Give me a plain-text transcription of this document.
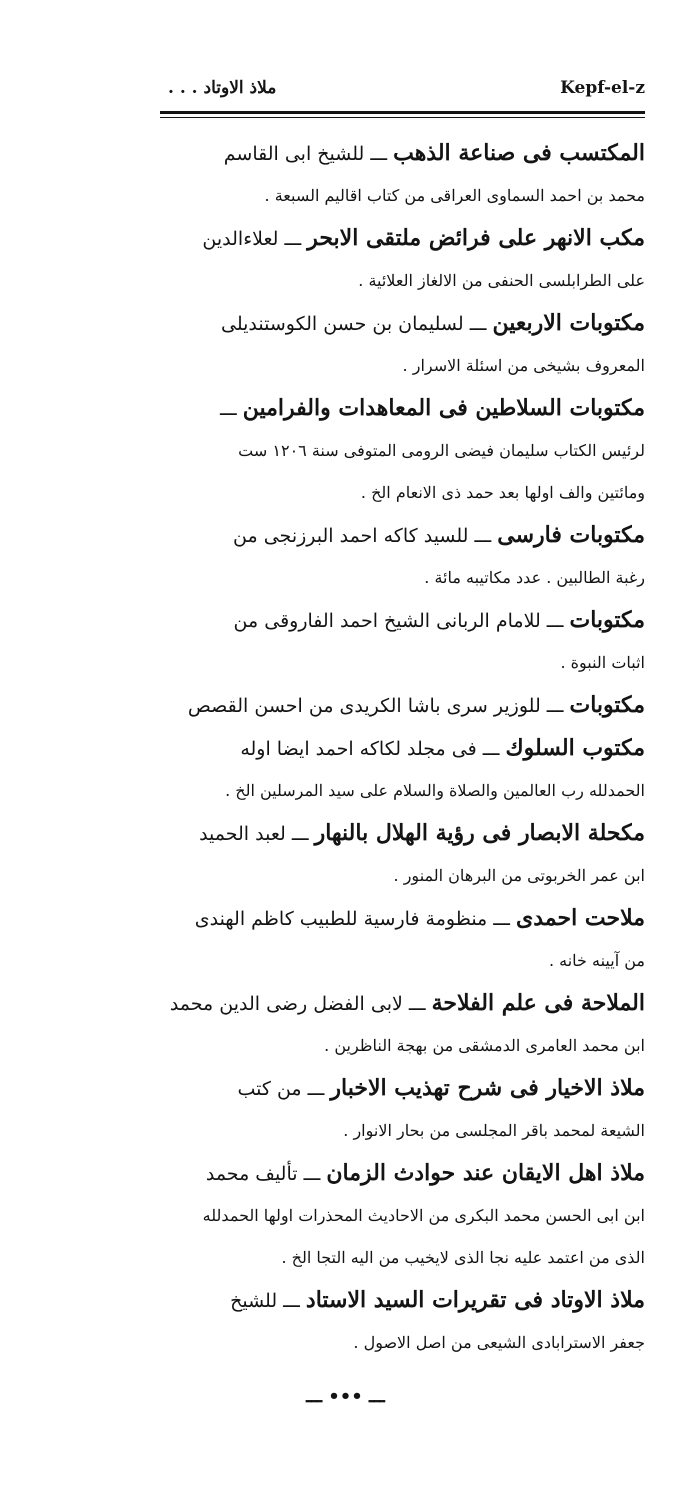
ملاذ الاوتاد . . .	Kepf-el-z
المكتسب فى صناعة الذهب ـــ للشيخ ابى القاسم
محمد بن احمد السماوى العراقى من كتاب اقاليم السبعة .
مكب الانهر على فرائض ملتقى الابحر ـــ لعلاءالدين
على الطرابلسى الحنفى من الالغاز العلائية .
مكتوبات الاربعين ـــ لسليمان بن حسن الكوستندیلی
المعروف بشيخى من اسئلة الاسرار .
مكتوبات السلاطين فى المعاهدات والفرامين ـــ
لرئيس الكتاب سليمان فيضى الرومى المتوفى سنة ١٢٠٦ ست
ومائتين والف اولها بعد حمد ذى الانعام الخ .
مكتوبات فارسى ـــ للسيد كاكه احمد البرزنجى من
رغبة الطالبين . عدد مكاتيبه مائة .
مكتوبات ـــ للامام الربانى الشيخ احمد الفاروقى من
اثبات النبوة .
مكتوبات ـــ للوزير سرى باشا الكريدى من احسن القصص
مكتوب السلوك ـــ فى مجلد لكاكه احمد ايضا اوله
الحمدلله رب العالمين والصلاة والسلام على سيد المرسلين الخ .
مكحلة الابصار فى رؤية الهلال بالنهار ـــ لعبد الحميد
ابن عمر الخربوتى من البرهان المنور .
ملاحت احمدى ـــ منظومة فارسية للطبيب كاظم الهندى
من آيينه خانه .
الملاحة فى علم الفلاحة ـــ لابى الفضل رضى الدين محمد
ابن محمد العامرى الدمشقى من بهجة الناظرين .
ملاذ الاخيار فى شرح تهذيب الاخبار ـــ من كتب
الشيعة لمحمد باقر المجلسى من بحار الانوار .
ملاذ اهل الايقان عند حوادث الزمان ـــ تأليف محمد
ابن ابى الحسن محمد البكرى من الاحاديث المحذرات اولها الحمدلله
الذى من اعتمد عليه نجا الذى لايخيب من اليه التجا الخ .
ملاذ الاوتاد فى تقريرات السيد الاستاد ـــ للشيخ
جعفر الاسترابادى الشيعى من اصل الاصول .
ـــ ••• ـــ
